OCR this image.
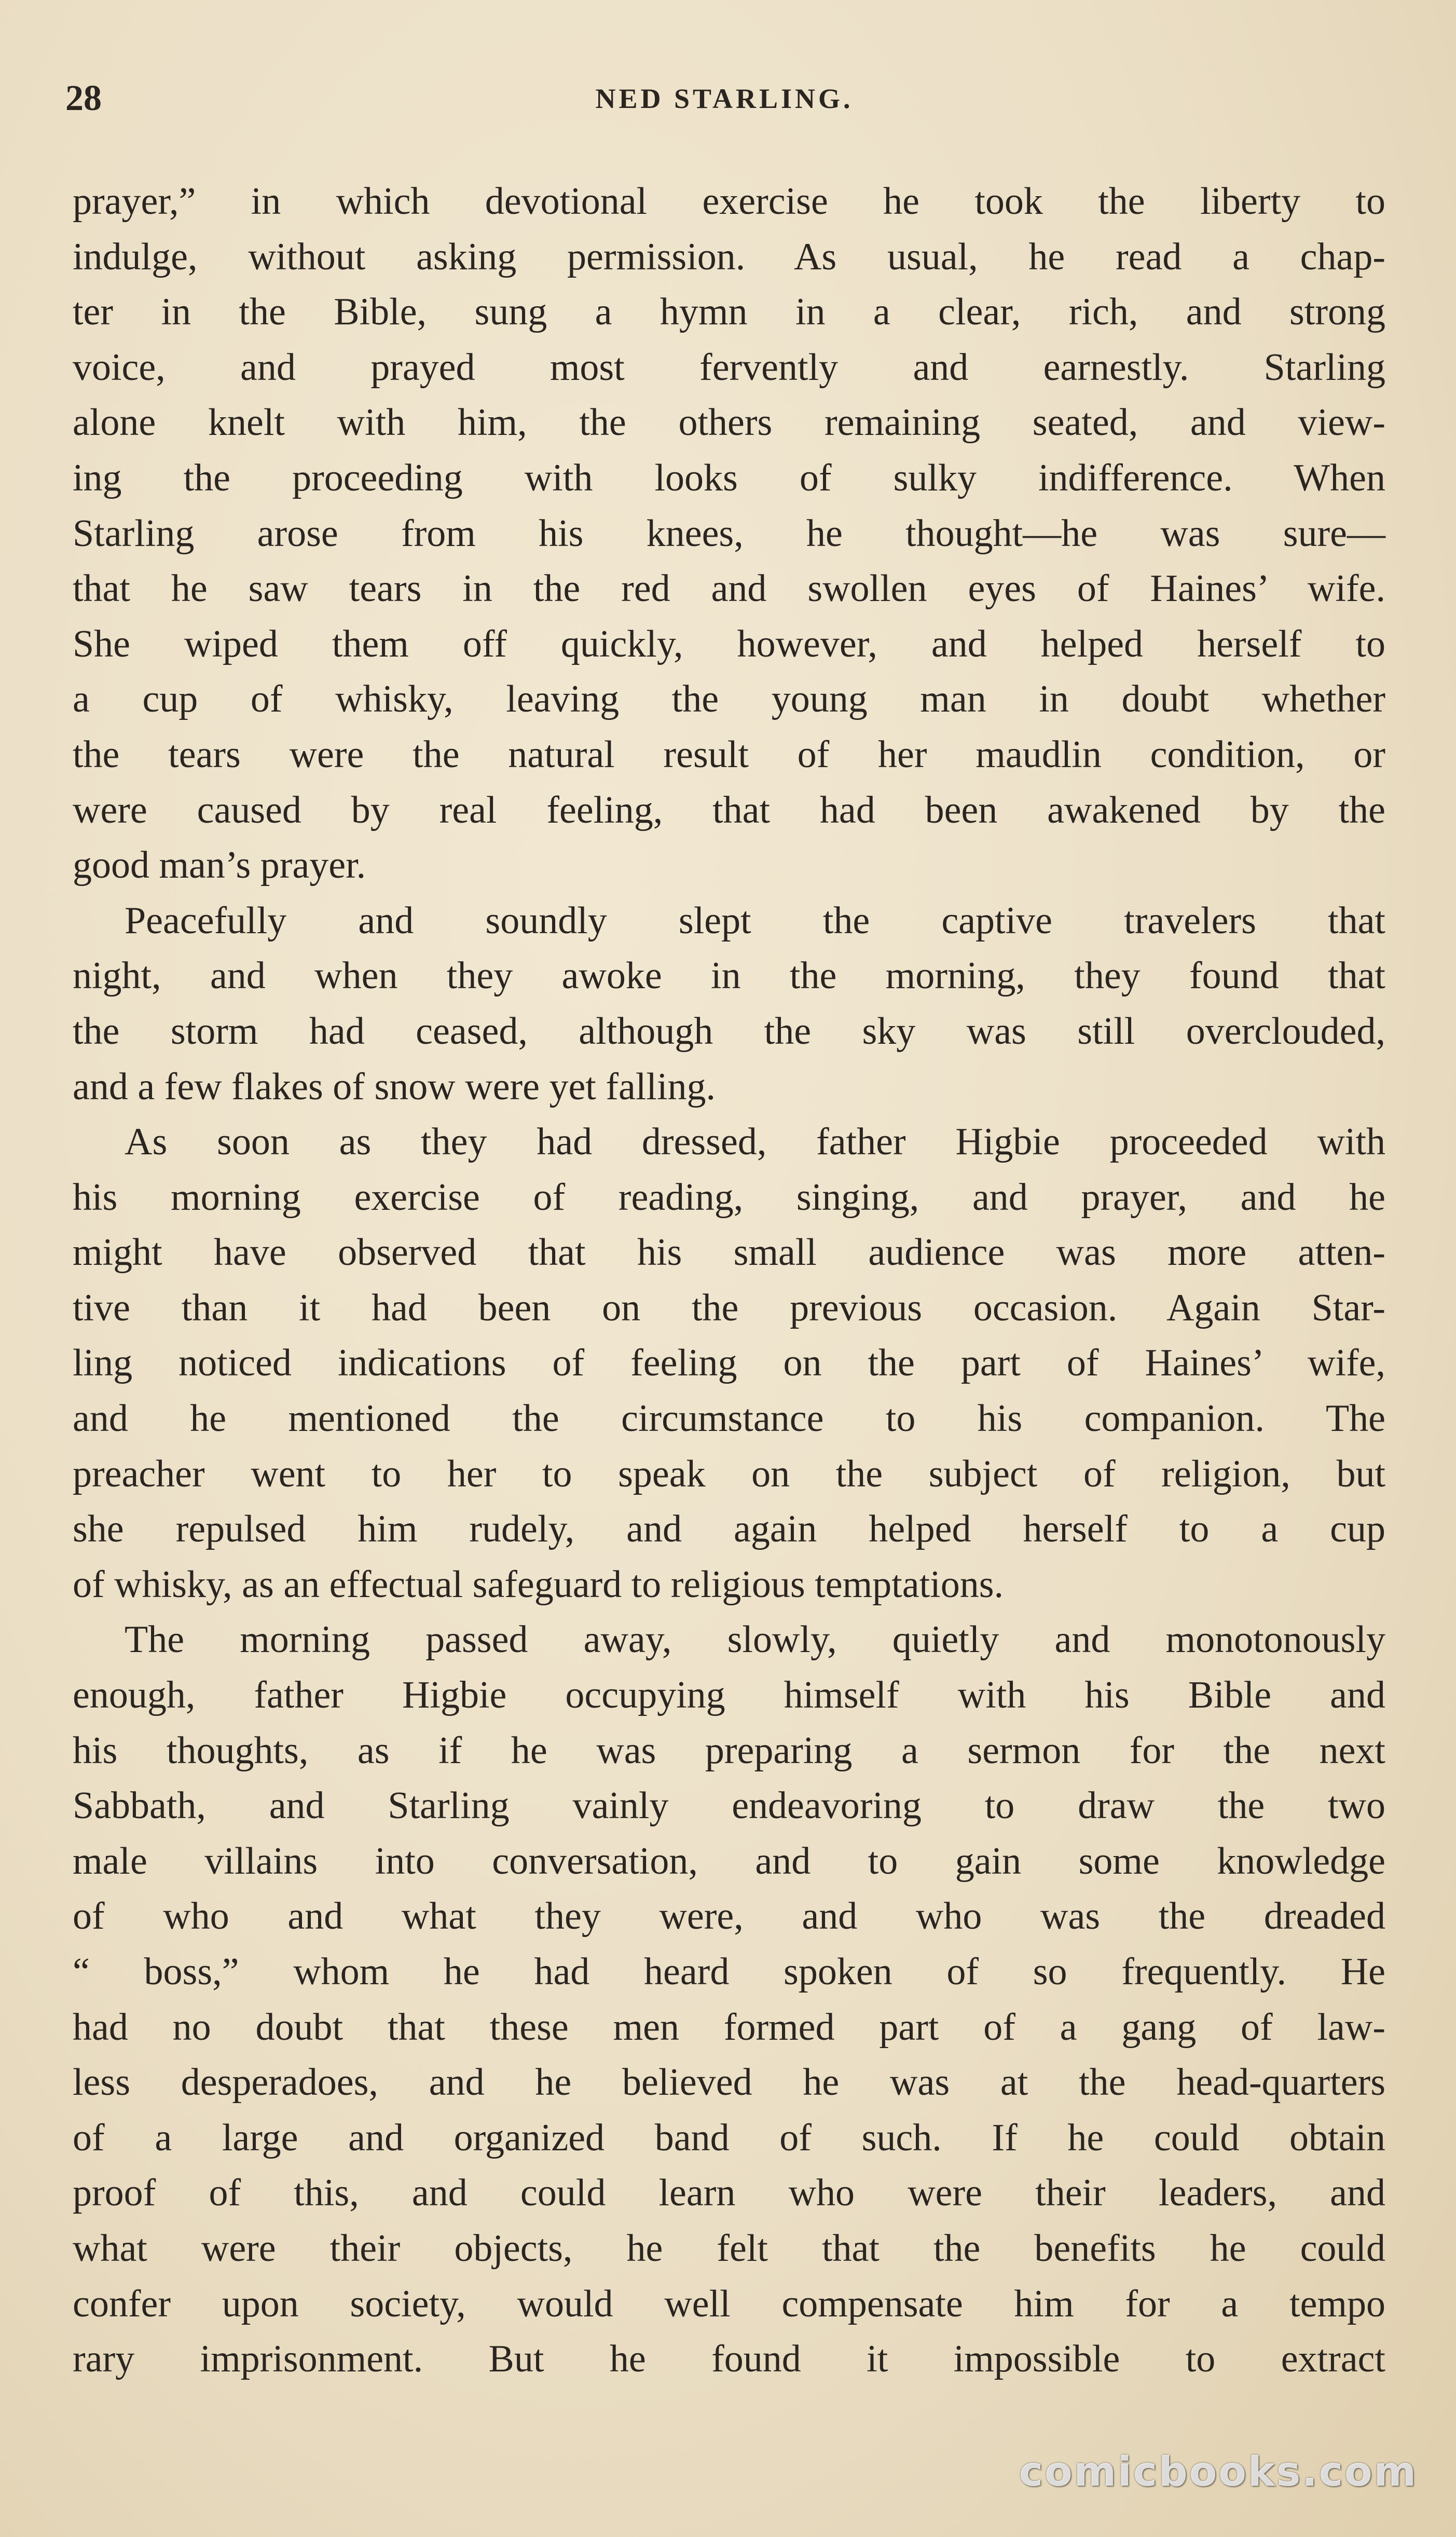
28	NED STARLING.
prayer,” in which devotional exercise he took the liberty to
indulge, without asking permission. As usual, he read a chap-
ter in the Bible, sung a hymn in a clear, rich, and strong
voice, and prayed most fervently and earnestly. Starling
alone knelt with him, the others remaining seated, and view-
ing the proceeding with looks of sulky indifference. When
Starling arose from his knees, he thought—he was sure—
that he saw tears in the red and swollen eyes of Haines’ wife.
She wiped them off quickly, however, and helped herself to
a cup of whisky, leaving the young man in doubt whether
the tears were the natural result of her maudlin condition, or
were caused by real feeling, that had been awakened by the
good man’s prayer.
Peacefully and soundly slept the captive travelers that
night, and when they awoke in the morning, they found that
the storm had ceased, although the sky was still overclouded,
and a few flakes of snow were yet falling.
As soon as they had dressed, father Higbie proceeded with
his morning exercise of reading, singing, and prayer, and he
might have observed that his small audience was more atten-
tive than it had been on the previous occasion. Again Star-
ling noticed indications of feeling on the part of Haines’ wife,
and he mentioned the circumstance to his companion. The
preacher went to her to speak on the subject of religion, but
she repulsed him rudely, and again helped herself to a cup
of whisky, as an effectual safeguard to religious temptations.
The morning passed away, slowly, quietly and monotonously
enough, father Higbie occupying himself with his Bible and
his thoughts, as if he was preparing a sermon for the next
Sabbath, and Starling vainly endeavoring to draw the two
male villains into conversation, and to gain some knowledge
of who and what they were, and who was the dreaded
“ boss,” whom he had heard spoken of so frequently. He
had no doubt that these men formed part of a gang of law-
less desperadoes, and he believed he was at the head-quarters
of a large and organized band of such. If he could obtain
proof of this, and could learn who were their leaders, and
what were their objects, he felt that the benefits he could
confer upon society, would well compensate him for a tempo
rary imprisonment. But he found it impossible to extract
comicbooks.com
